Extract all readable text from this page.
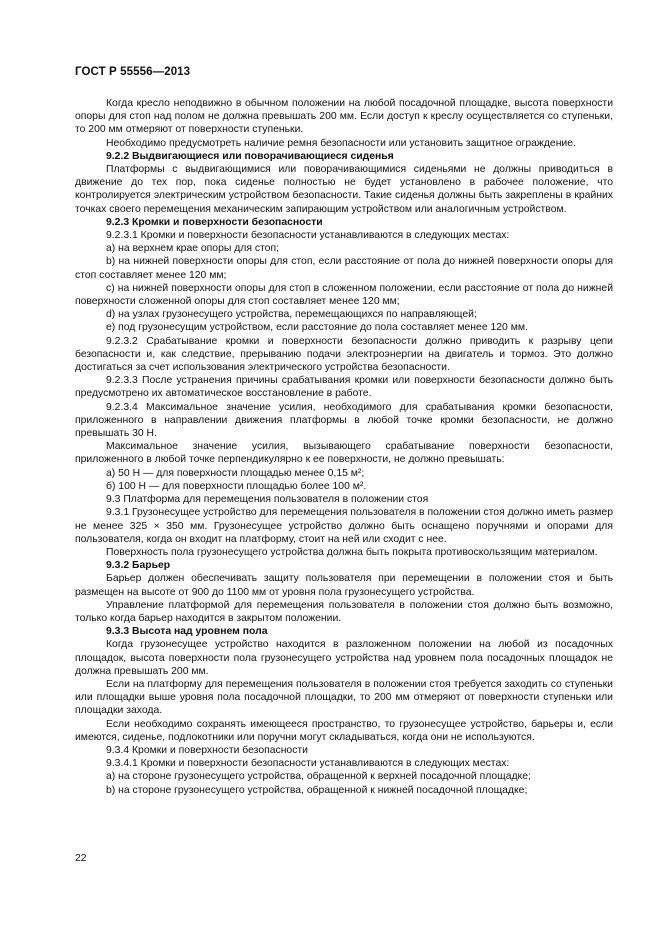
ГОСТ Р 55556—2013

Когда кресло неподвижно в обычном положении на любой посадочной площадке, высота поверхности опоры для стоп над полом не должна превышать 200 мм. Если доступ к креслу осуществляется со ступеньки, то 200 мм отмеряют от поверхности ступеньки.

Необходимо предусмотреть наличие ремня безопасности или установить защитное ограждение.

9.2.2 Выдвигающиеся или поворачивающиеся сиденья

Платформы с выдвигающимися или поворачивающимися сиденьями не должны приводиться в движение до тех пор, пока сиденье полностью не будет установлено в рабочее положение, что контролируется электрическим устройством безопасности. Такие сиденья должны быть закреплены в крайних точках своего перемещения механическим запирающим устройством или аналогичным устройством.

9.2.3 Кромки и поверхности безопасности

9.2.3.1 Кромки и поверхности безопасности устанавливаются в следующих местах:

a) на верхнем крае опоры для стоп;

b) на нижней поверхности опоры для стоп, если расстояние от пола до нижней поверхности опоры для стоп составляет менее 120 мм;

c) на нижней поверхности опоры для стоп в сложенном положении, если расстояние от пола до нижней поверхности сложенной опоры для стоп составляет менее 120 мм;

d) на узлах грузонесущего устройства, перемещающихся по направляющей;

e) под грузонесущим устройством, если расстояние до пола составляет менее 120 мм.

9.2.3.2 Срабатывание кромки и поверхности безопасности должно приводить к разрыву цепи безопасности и, как следствие, прерыванию подачи электроэнергии на двигатель и тормоз. Это должно достигаться за счет использования электрического устройства безопасности.

9.2.3.3 После устранения причины срабатывания кромки или поверхности безопасности должно быть предусмотрено их автоматическое восстановление в работе.

9.2.3.4 Максимальное значение усилия, необходимого для срабатывания кромки безопасности, приложенного в направлении движения платформы в любой точке кромки безопасности, не должно превышать 30 Н.

Максимальное значение усилия, вызывающего срабатывание поверхности безопасности, приложенного в любой точке перпендикулярно к ее поверхности, не должно превышать:

а) 50 Н — для поверхности площадью менее 0,15 м²;

б) 100 Н — для поверхности площадью более 100 м².

9.3 Платформа для перемещения пользователя в положении стоя

9.3.1 Грузонесущее устройство для перемещения пользователя в положении стоя должно иметь размер не менее 325 × 350 мм. Грузонесущее устройство должно быть оснащено поручнями и опорами для пользователя, когда он входит на платформу, стоит на ней или сходит с нее.

Поверхность пола грузонесущего устройства должна быть покрыта противоскользящим материалом.

9.3.2 Барьер

Барьер должен обеспечивать защиту пользователя при перемещении в положении стоя и быть размещен на высоте от 900 до 1100 мм от уровня пола грузонесущего устройства.

Управление платформой для перемещения пользователя в положении стоя должно быть возможно, только когда барьер находится в закрытом положении.

9.3.3 Высота над уровнем пола

Когда грузонесущее устройство находится в разложенном положении на любой из посадочных площадок, высота поверхности пола грузонесущего устройства над уровнем пола посадочных площадок не должна превышать 200 мм.

Если на платформу для перемещения пользователя в положении стоя требуется заходить со ступеньки или площадки выше уровня пола посадочной площадки, то 200 мм отмеряют от поверхности ступеньки или площадки захода.

Если необходимо сохранять имеющееся пространство, то грузонесущее устройство, барьеры и, если имеются, сиденье, подлокотники или поручни могут складываться, когда они не используются.

9.3.4 Кромки и поверхности безопасности

9.3.4.1 Кромки и поверхности безопасности устанавливаются в следующих местах:

a) на стороне грузонесущего устройства, обращенной к верхней посадочной площадке;

b) на стороне грузонесущего устройства, обращенной к нижней посадочной площадке;

22
